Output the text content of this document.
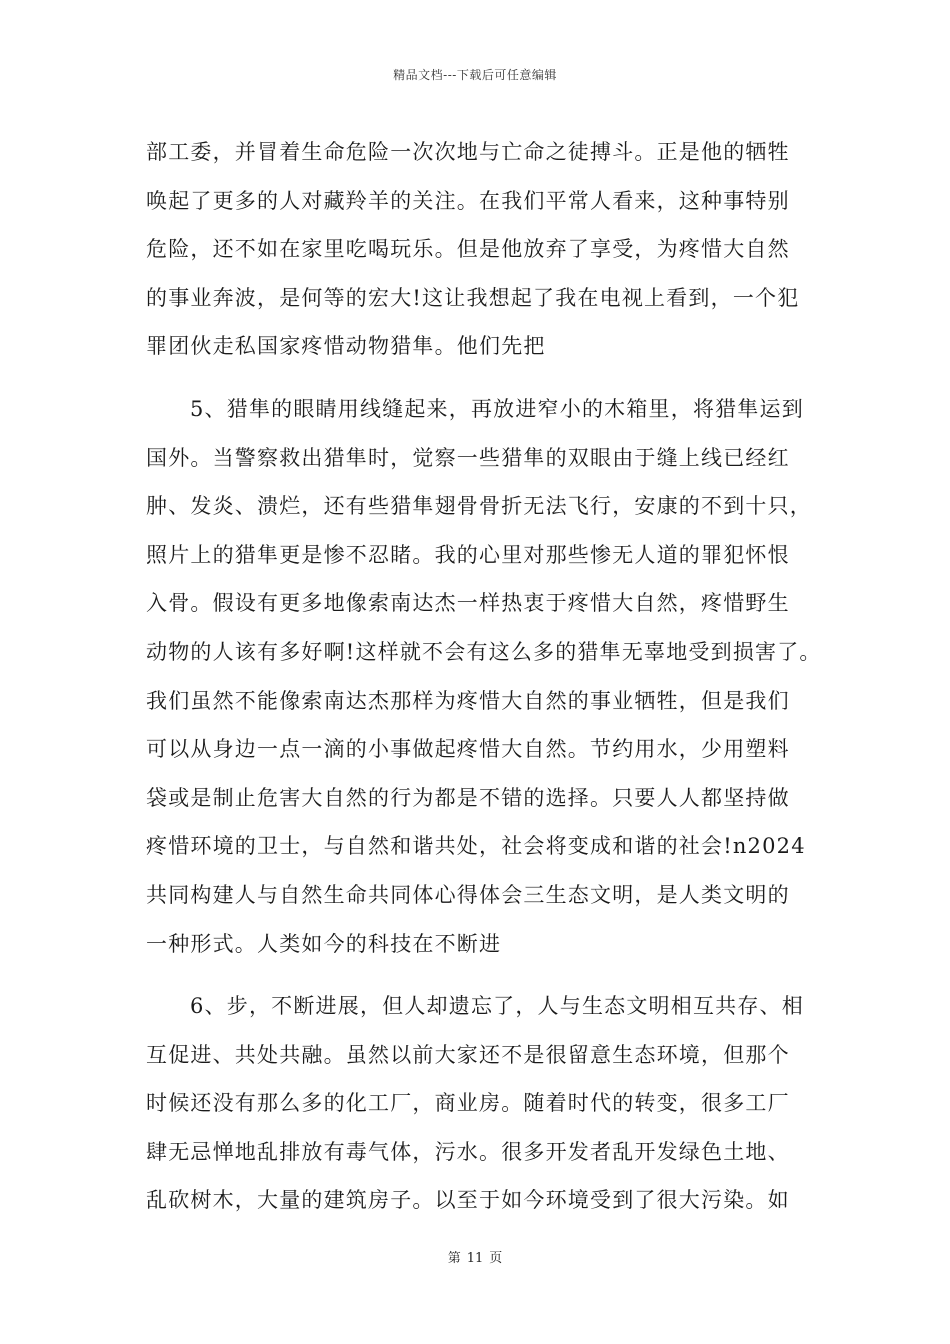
精品文档---下载后可任意编辑
部工委，并冒着生命危险一次次地与亡命之徒搏斗。正是他的牺牲
唤起了更多的人对藏羚羊的关注。在我们平常人看来，这种事特别
危险，还不如在家里吃喝玩乐。但是他放弃了享受，为疼惜大自然
的事业奔波，是何等的宏大!这让我想起了我在电视上看到，一个犯
罪团伙走私国家疼惜动物猎隼。他们先把
5、猎隼的眼睛用线缝起来，再放进窄小的木箱里，将猎隼运到
国外。当警察救出猎隼时，觉察一些猎隼的双眼由于缝上线已经红
肿、发炎、溃烂，还有些猎隼翅骨骨折无法飞行，安康的不到十只，
照片上的猎隼更是惨不忍睹。我的心里对那些惨无人道的罪犯怀恨
入骨。假设有更多地像索南达杰一样热衷于疼惜大自然，疼惜野生
动物的人该有多好啊!这样就不会有这么多的猎隼无辜地受到损害了。
我们虽然不能像索南达杰那样为疼惜大自然的事业牺牲，但是我们
可以从身边一点一滴的小事做起疼惜大自然。节约用水，少用塑料
袋或是制止危害大自然的行为都是不错的选择。只要人人都坚持做
疼惜环境的卫士，与自然和谐共处，社会将变成和谐的社会!n2024
共同构建人与自然生命共同体心得体会三生态文明，是人类文明的
一种形式。人类如今的科技在不断进
6、步，不断进展，但人却遗忘了，人与生态文明相互共存、相
互促进、共处共融。虽然以前大家还不是很留意生态环境，但那个
时候还没有那么多的化工厂，商业房。随着时代的转变，很多工厂
肆无忌惮地乱排放有毒气体，污水。很多开发者乱开发绿色土地、
乱砍树木，大量的建筑房子。以至于如今环境受到了很大污染。如
第 11 页
